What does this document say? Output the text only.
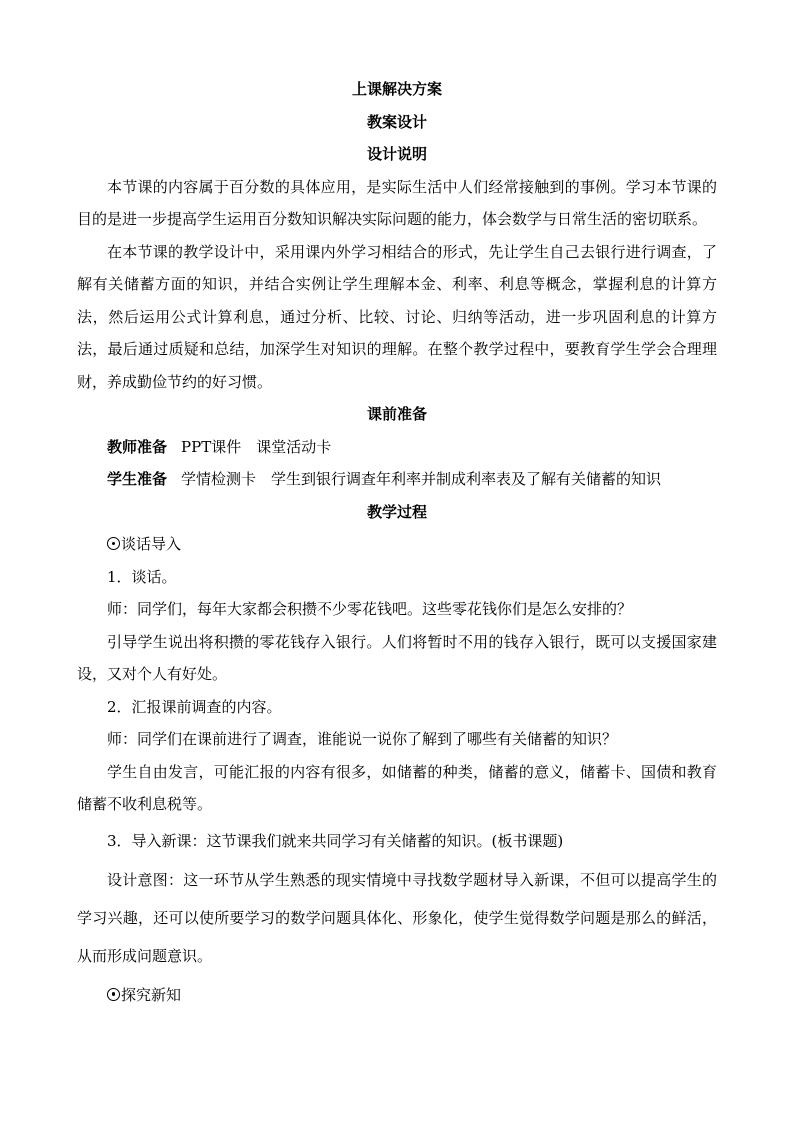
上课解决方案

教案设计

设计说明

本节课的内容属于百分数的具体应用，是实际生活中人们经常接触到的事例。学习本节课的目的是进一步提高学生运用百分数知识解决实际问题的能力，体会数学与日常生活的密切联系。

在本节课的教学设计中，采用课内外学习相结合的形式，先让学生自己去银行进行调查，了解有关储蓄方面的知识，并结合实例让学生理解本金、利率、利息等概念，掌握利息的计算方法，然后运用公式计算利息，通过分析、比较、讨论、归纳等活动，进一步巩固利息的计算方法，最后通过质疑和总结，加深学生对知识的理解。在整个教学过程中，要教育学生学会合理理财，养成勤俭节约的好习惯。

课前准备

教师准备 PPT课件　课堂活动卡

学生准备 学情检测卡　学生到银行调查年利率并制成利率表及了解有关储蓄的知识

教学过程

谈话导入

1．谈话。

师：同学们，每年大家都会积攒不少零花钱吧。这些零花钱你们是怎么安排的？

引导学生说出将积攒的零花钱存入银行。人们将暂时不用的钱存入银行，既可以支援国家建设，又对个人有好处。

2．汇报课前调查的内容。

师：同学们在课前进行了调查，谁能说一说你了解到了哪些有关储蓄的知识？

学生自由发言，可能汇报的内容有很多，如储蓄的种类，储蓄的意义，储蓄卡、国债和教育储蓄不收利息税等。

3．导入新课：这节课我们就来共同学习有关储蓄的知识。(板书课题)

设计意图：这一环节从学生熟悉的现实情境中寻找数学题材导入新课，不但可以提高学生的学习兴趣，还可以使所要学习的数学问题具体化、形象化，使学生觉得数学问题是那么的鲜活，从而形成问题意识。

探究新知
